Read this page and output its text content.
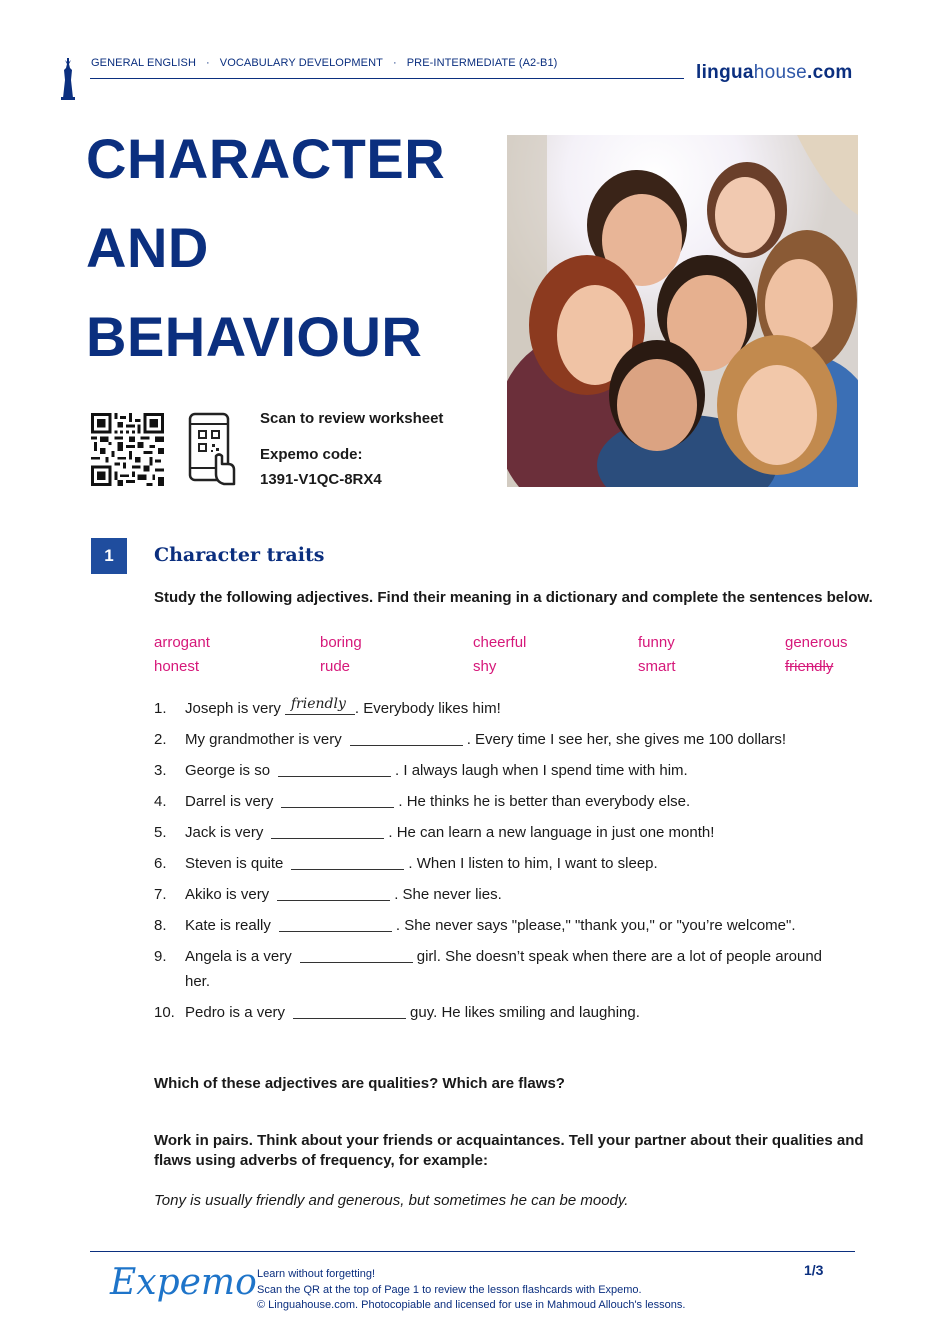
GENERAL ENGLISH · VOCABULARY DEVELOPMENT · PRE-INTERMEDIATE (A2-B1)	linguahouse.com
CHARACTER
AND
BEHAVIOUR
Scan to review worksheet
Expemo code:
1391-V1QC-8RX4
1	Character traits
Study the following adjectives. Find their meaning in a dictionary and complete the sentences below.
arrogant	boring	cheerful	funny	generous
honest	rude	shy	smart	friendly
1.	Joseph is very friendly . Everybody likes him!
2.	My grandmother is very	. Every time I see her, she gives me 100 dollars!
3.	George is so	. I always laugh when I spend time with him.
4.	Darrel is very	. He thinks he is better than everybody else.
5.	Jack is very	. He can learn a new language in just one month!
6.	Steven is quite	. When I listen to him, I want to sleep.
7.	Akiko is very	. She never lies.
8.	Kate is really	. She never says "please," "thank you," or "you’re welcome".
9.	Angela is a very	girl. She doesn’t speak when there are a lot of people around
her.
10. Pedro is a very	guy. He likes smiling and laughing.
Which of these adjectives are qualities? Which are flaws?
Work in pairs. Think about your friends or acquaintances. Tell your partner about their qualities and
flaws using adverbs of frequency, for example:
Tony is usually friendly and generous, but sometimes he can be moody.
Expemo Learn without forgetting!
Scan the QR at the top of Page 1 to review the lesson flashcards with Expemo.
© Linguahouse.com. Photocopiable and licensed for use in Mahmoud Allouch's lessons.
1/3
